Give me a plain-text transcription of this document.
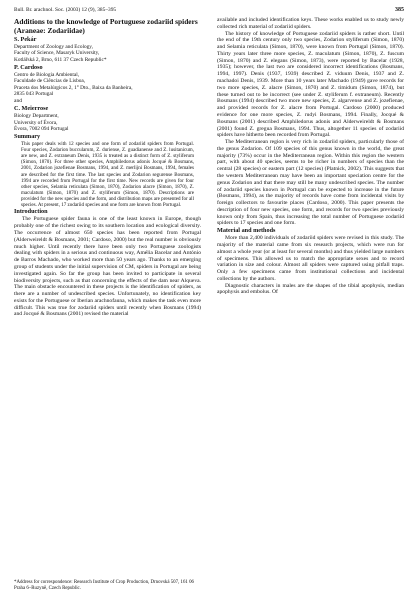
Bull. Br. arachnol. Soc. (2003) 12 (9), 385–395	385

Additions to the knowledge of Portuguese zodariid spiders (Araneae: Zodariidae)

S. Pekár

Department of Zoology and Ecology,

Faculty of Science, Masaryk University,

Kotlářská 2, Brno, 611 37 Czech Republic*

P. Cardoso

Centro de Biologia Ambiental,

Faculdade de Ciências de Lisboa,

Praceta dos Metalúrgicos 2, 1° Dto., Baixa da Banheira,

2835 043 Portugal

and

C. Meierrose

Biology Department,

University of Évora,

Évora, 7002 094 Portugal

Summary

This paper deals with 12 species and one form of zodariid spiders from Portugal. Four species, Zodarion buccularum, Z. duriense, Z. guadianense and Z. lusitanicum, are new, and Z. extraneum Denis, 1935 is treated as a distinct form of Z. styliferum (Simon, 1870). For three other species, Amphiledorus adonis Jocqué & Bosmans, 2001, Zodarion jozefienae Bosmans, 1994, and Z. merlijni Bosmans, 1994, females are described for the first time. The last species and Zodarion segurense Bosmans, 1994 are recorded from Portugal for the first time. New records are given for four other species, Selamia reticulata (Simon, 1870), Zodarion alacre (Simon, 1870), Z. maculatum (Simon, 1870) and Z. styliferum (Simon, 1870). Descriptions are provided for the new species and the form, and distribution maps are presented for all species. At present, 17 zodariid species and one form are known from Portugal.

Introduction

The Portuguese spider fauna is one of the least known in Europe, though probably one of the richest owing to its southern location and ecological diversity. The occurrence of almost 650 species has been reported from Portugal (Alderweireldt & Bosmans, 2001; Cardoso, 2000) but the real number is obviously much higher. Until recently there have been only two Portuguese zoologists dealing with spiders in a serious and continuous way, Amélia Bacelar and António de Barros Machado, who worked more than 50 years ago. Thanks to an emerging group of students under the initial supervision of CM, spiders in Portugal are being investigated again. So far the group has been invited to participate in several biodiversity projects, such as that concerning the effects of the dam near Alqueva. The main obstacle encountered in these projects is the identification of spiders, as there are a number of undescribed species. Unfortunately, no identification key exists for the Portuguese or Iberian arachnofauna, which makes the task even more difficult. This was true for zodariid spiders until recently when Bosmans (1994) and Jocqué & Bosmans (2001) revised the material

available and included identification keys. These works enabled us to study newly collected rich material of zodariid spiders.

The history of knowledge of Portuguese zodariid spiders is rather short. Until the end of the 19th century only two species, Zodarion styliferum (Simon, 1870) and Selamia reticulata (Simon, 1870), were known from Portugal (Simon, 1870). Thirty years later three more species, Z. maculatum (Simon, 1870), Z. fuscum (Simon, 1870) and Z. elegans (Simon, 1873), were reported by Bacelar (1928, 1935); however, the last two are considered incorrect identifications (Bosmans, 1994, 1997). Denis (1937, 1939) described Z. viduum Denis, 1937 and Z. machadoi Denis, 1939. More than 10 years later Machado (1949) gave records for two more species, Z. alacre (Simon, 1870) and Z. timidum (Simon, 1874), but these turned out to be incorrect (see under Z. styliferum f. extraneum). Recently Bosmans (1994) described two more new species, Z. algarvense and Z. jozefienae, and provided records for Z. alacre from Portugal. Cardoso (2000) produced evidence for one more species, Z. rudyi Bosmans, 1994. Finally, Jocqué & Bosmans (2001) described Amphiledorus adonis and Alderweireldt & Bosmans (2001) found Z. gregua Bosmans, 1994. Thus, altogether 11 species of zodariid spiders have hitherto been recorded from Portugal.

The Mediterranean region is very rich in zodariid spiders, particularly those of the genus Zodarion. Of 109 species of this genus known in the world, the great majority (73%) occur in the Mediterranean region. Within this region the western part, with about 40 species, seems to be richer in numbers of species than the central (28 species) or eastern part (12 species) (Platnick, 2002). This suggests that the western Mediterranean may have been an important speciation centre for the genus Zodarion and that there may still be many undescribed species. The number of zodariid species known in Portugal can be expected to increase in the future (Bosmans, 1994), as the majority of records have come from incidental visits by foreign collectors to favourite places (Cardoso, 2000). This paper presents the description of four new species, one form, and records for two species previously known only from Spain, thus increasing the total number of Portuguese zodariid spiders to 17 species and one form.

Material and methods

More than 2,400 individuals of zodariid spiders were revised in this study. The majority of the material came from six research projects, which were run for almost a whole year (or at least for several months) and thus yielded large numbers of specimens. This allowed us to match the appropriate sexes and to record variation in size and colour. Almost all spiders were captured using pitfall traps. Only a few specimens came from institutional collections and incidental collections by the authors.

Diagnostic characters in males are the shapes of the tibial apophysis, median apophysis and embolus. Of

*Address for correspondence: Research Institute of Crop Production, Drnovská 507, 161 06 Praha 6–Ruzyně, Czech Republic.
